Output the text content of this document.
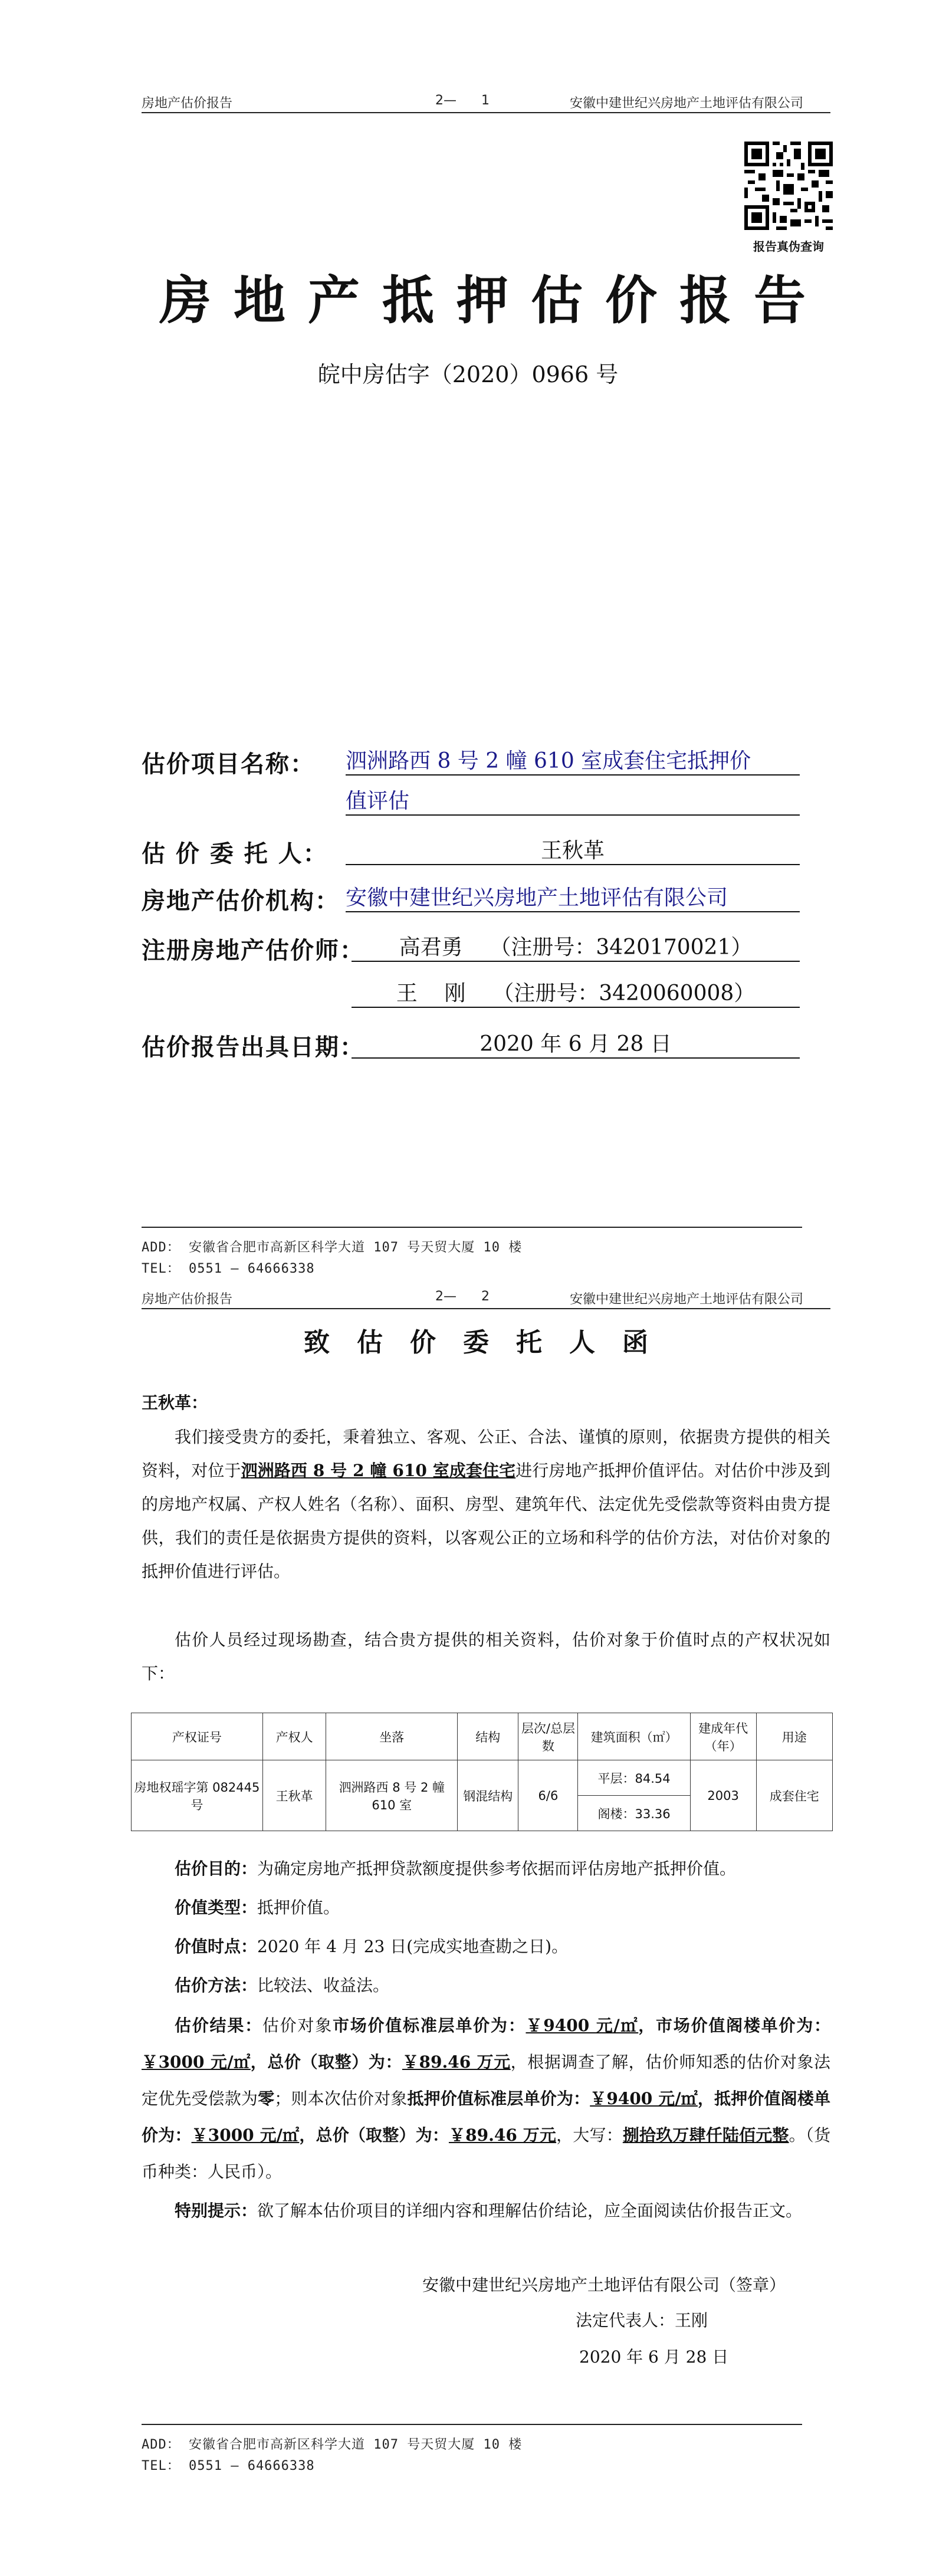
房地产估价报告	2—      1	安徽中建世纪兴房地产土地评估有限公司
报告真伪查询
房地产抵押估价报告
皖中房估字（2020）0966 号
估价项目名称： 泗洲路西 8 号 2 幢 610 室成套住宅抵押价
值评估
估 价 委 托 人：	王秋革
房地产估价机构： 安徽中建世纪兴房地产土地评估有限公司
注册房地产估价师：	高君勇    （注册号：3420170021）
王    刚    （注册号：3420060008）
估价报告出具日期：	2020 年 6 月 28 日
ADD： 安徽省合肥市高新区科学大道 107 号天贸大厦 10 楼
TEL： 0551 — 64666338
房地产估价报告	2—      2	安徽中建世纪兴房地产土地评估有限公司
致估价委托人函
王秋革：
我们接受贵方的委托，秉着独立、客观、公正、合法、谨慎的原则，依据贵方提供的相关资料，对位于泗洲路西 8 号 2 幢 610 室成套住宅进行房地产抵押价值评估。对估价中涉及到的房地产权属、产权人姓名（名称）、面积、房型、建筑年代、法定优先受偿款等资料由贵方提供，我们的责任是依据贵方提供的资料，以客观公正的立场和科学的估价方法，对估价对象的抵押价值进行评估。
估价人员经过现场勘查，结合贵方提供的相关资料，估价对象于价值时点的产权状况如下：
产权证号	产权人	坐落	结构	层次/总层数	建筑面积（㎡）	建成年代（年）	用途
房地权瑶字第 082445 号	王秋革	泗洲路西 8 号 2 幢 610 室	钢混结构	6/6	平层：84.54	2003	成套住宅
					阁楼：33.36		
估价目的：为确定房地产抵押贷款额度提供参考依据而评估房地产抵押价值。
价值类型：抵押价值。
价值时点：2020 年 4 月 23 日(完成实地查勘之日)。
估价方法：比较法、收益法。
估价结果：估价对象市场价值标准层单价为：￥9400 元/㎡，市场价值阁楼单价为：￥3000 元/㎡，总价（取整）为：￥89.46 万元，根据调查了解，估价师知悉的估价对象法定优先受偿款为零；则本次估价对象抵押价值标准层单价为：￥9400 元/㎡，抵押价值阁楼单价为：￥3000 元/㎡，总价（取整）为：￥89.46 万元，大写：捌拾玖万肆仟陆佰元整。（货币种类：人民币）。
特别提示：欲了解本估价项目的详细内容和理解估价结论，应全面阅读估价报告正文。
安徽中建世纪兴房地产土地评估有限公司（签章）
法定代表人：王刚
2020 年 6 月 28 日
ADD： 安徽省合肥市高新区科学大道 107 号天贸大厦 10 楼
TEL： 0551 — 64666338
